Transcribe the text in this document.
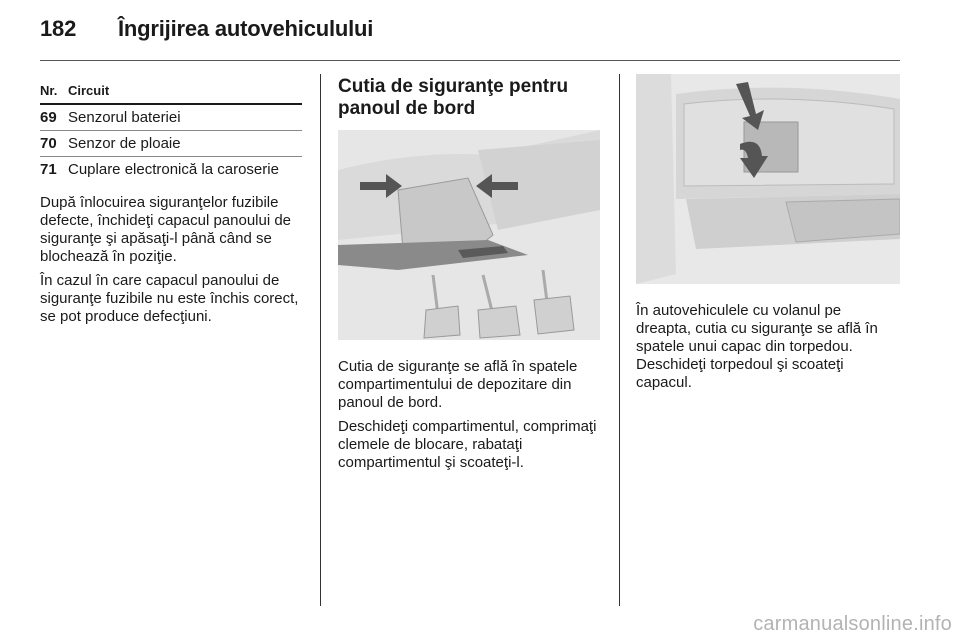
182 Îngrijirea autovehiculului
Nr. Circuit
69 Senzorul bateriei
70 Senzor de ploaie
71 Cuplare electronică la caroserie

După înlocuirea siguranţelor fuzibile defecte, închideţi capacul panoului de siguranţe şi apăsaţi-l până când se blochează în poziţie.

În cazul în care capacul panoului de siguranţe fuzibile nu este închis corect, se pot produce defecţiuni.

Cutia de siguranţe pentru panoul de bord

Cutia de siguranţe se află în spatele compartimentului de depozitare din panoul de bord.

Deschideţi compartimentul, comprimaţi clemele de blocare, rabataţi compartimentul şi scoateţi-l.

În autovehiculele cu volanul pe dreapta, cutia cu siguranţe se află în spatele unui capac din torpedou. Deschideţi torpedoul şi scoateţi capacul.

carmanualsonline.info
